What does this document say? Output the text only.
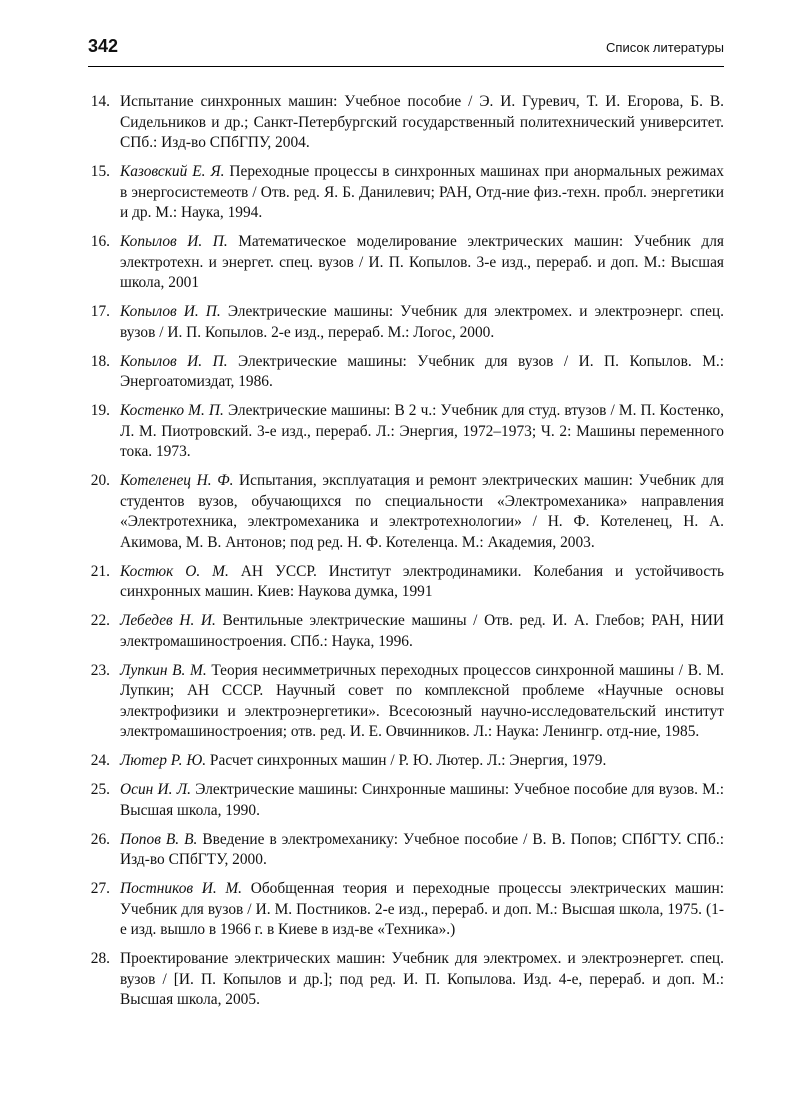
342	Список литературы
14. Испытание синхронных машин: Учебное пособие / Э. И. Гуревич, Т. И. Егорова, Б. В. Сидельников и др.; Санкт-Петербургский государственный политехнический университет. СПб.: Изд-во СПбГПУ, 2004.
15. Казовский Е. Я. Переходные процессы в синхронных машинах при анормальных режимах в энергосистемеотв / Отв. ред. Я. Б. Данилевич; РАН, Отд-ние физ.-техн. пробл. энергетики и др. М.: Наука, 1994.
16. Копылов И. П. Математическое моделирование электрических машин: Учебник для электротехн. и энергет. спец. вузов / И. П. Копылов. 3-е изд., перераб. и доп. М.: Высшая школа, 2001
17. Копылов И. П. Электрические машины: Учебник для электромех. и электроэнерг. спец. вузов / И. П. Копылов. 2-е изд., перераб. М.: Логос, 2000.
18. Копылов И. П. Электрические машины: Учебник для вузов / И. П. Копылов. М.: Энергоатомиздат, 1986.
19. Костенко М. П. Электрические машины: В 2 ч.: Учебник для студ. втузов / М. П. Костенко, Л. М. Пиотровский. 3-е изд., перераб. Л.: Энергия, 1972–1973; Ч. 2: Машины переменного тока. 1973.
20. Котеленец Н. Ф. Испытания, эксплуатация и ремонт электрических машин: Учебник для студентов вузов, обучающихся по специальности «Электромеханика» направления «Электротехника, электромеханика и электротехнологии» / Н. Ф. Котеленец, Н. А. Акимова, М. В. Антонов; под ред. Н. Ф. Котеленца. М.: Академия, 2003.
21. Костюк О. М. АН УССР. Институт электродинамики. Колебания и устойчивость синхронных машин. Киев: Наукова думка, 1991
22. Лебедев Н. И. Вентильные электрические машины / Отв. ред. И. А. Глебов; РАН, НИИ электромашиностроения. СПб.: Наука, 1996.
23. Лупкин В. М. Теория несимметричных переходных процессов синхронной машины / В. М. Лупкин; АН СССР. Научный совет по комплексной проблеме «Научные основы электрофизики и электроэнергетики». Всесоюзный научно-исследовательский институт электромашиностроения; отв. ред. И. Е. Овчинников. Л.: Наука: Ленингр. отд-ние, 1985.
24. Лютер Р. Ю. Расчет синхронных машин / Р. Ю. Лютер. Л.: Энергия, 1979.
25. Осин И. Л. Электрические машины: Синхронные машины: Учебное пособие для вузов. М.: Высшая школа, 1990.
26. Попов В. В. Введение в электромеханику: Учебное пособие / В. В. Попов; СПбГТУ. СПб.: Изд-во СПбГТУ, 2000.
27. Постников И. М. Обобщенная теория и переходные процессы электрических машин: Учебник для вузов / И. М. Постников. 2-е изд., перераб. и доп. М.: Высшая школа, 1975. (1-е изд. вышло в 1966 г. в Киеве в изд-ве «Техника».)
28. Проектирование электрических машин: Учебник для электромех. и электроэнергет. спец. вузов / [И. П. Копылов и др.]; под ред. И. П. Копылова. Изд. 4-е, перераб. и доп. М.: Высшая школа, 2005.
